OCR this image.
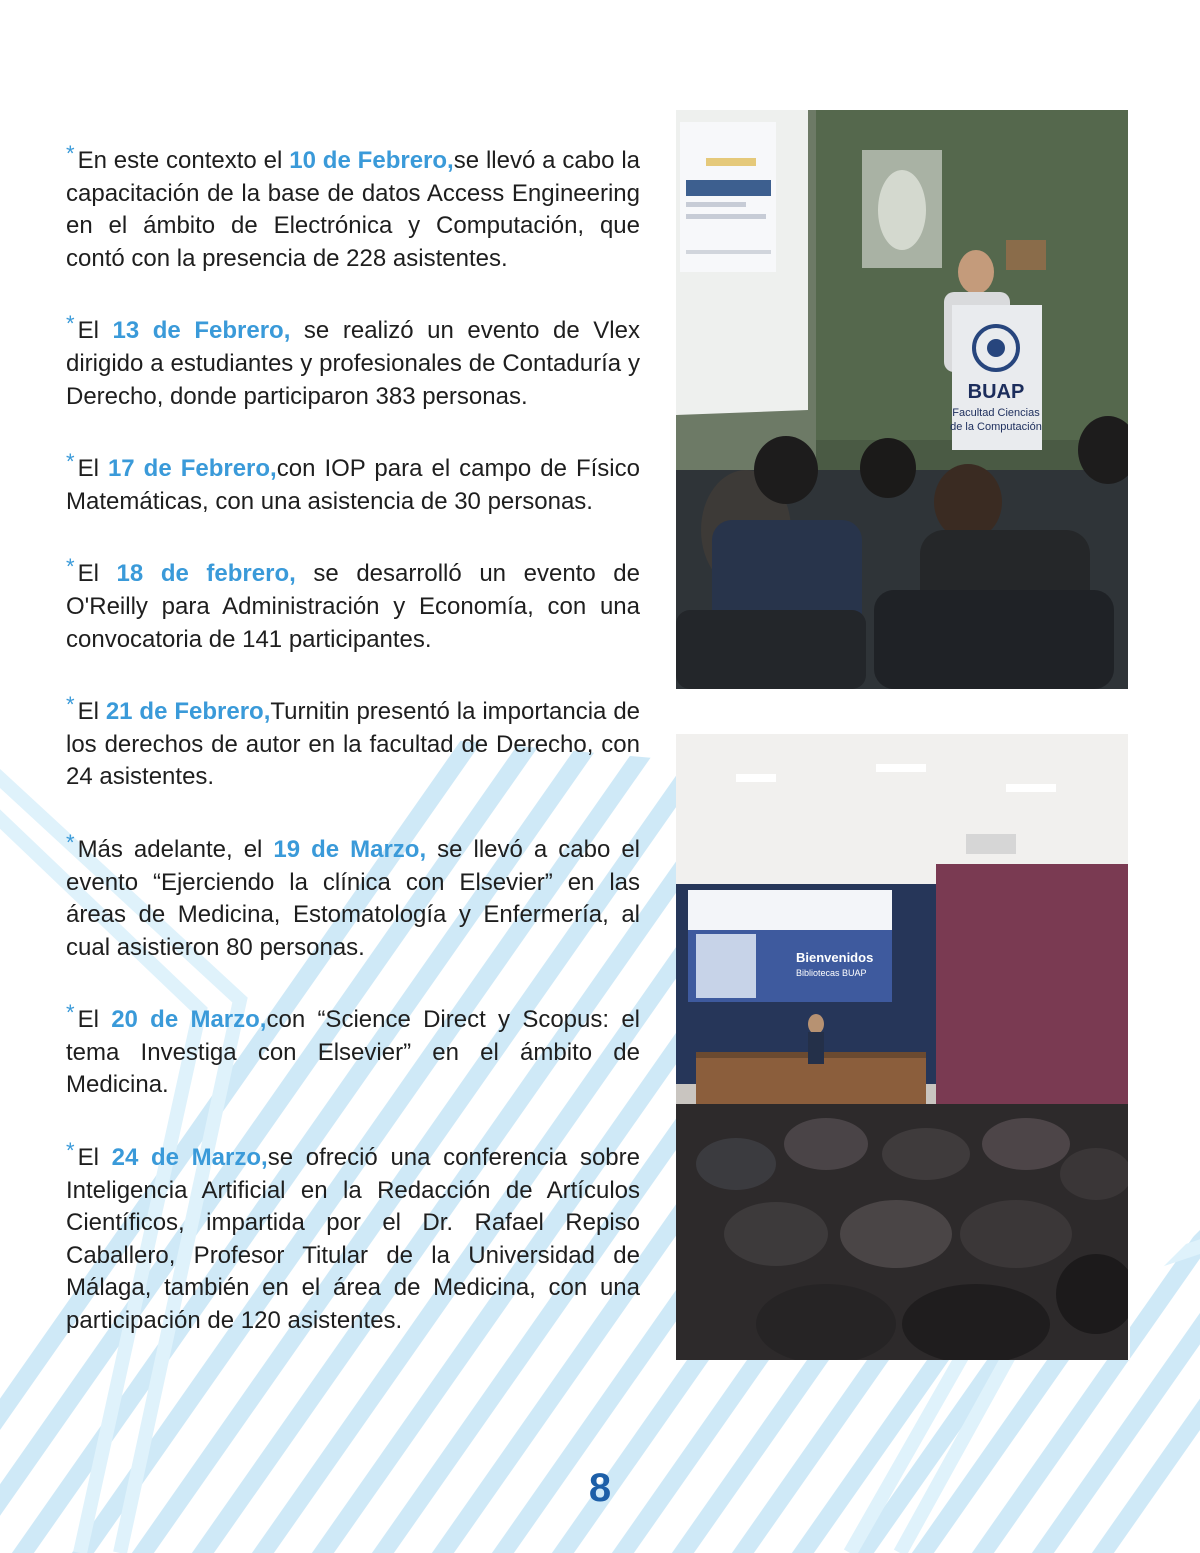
* En este contexto el 10 de Febrero,se llevó a cabo la capacitación de la base de datos Access Engineering en el ámbito de Electrónica y Computación, que contó con la presencia de 228 asistentes.

* El 13 de Febrero, se realizó un evento de Vlex dirigido a estudiantes y profesionales de Contaduría y Derecho, donde participaron 383 personas.

* El 17 de Febrero,con IOP para el campo de Físico Matemáticas, con una asistencia de 30 personas.

* El 18 de febrero, se desarrolló un evento de O'Reilly para Administración y Economía, con una convocatoria de 141 participantes.

* El 21 de Febrero,Turnitin presentó la importancia de los derechos de autor en la facultad de Derecho, con 24 asistentes.

* Más adelante, el 19 de Marzo, se llevó a cabo el evento “Ejerciendo la clínica con Elsevier” en las áreas de Medicina, Estomatología y Enfermería, al cual asistieron 80 personas.

* El 20 de Marzo,con “Science Direct y Scopus: el tema Investiga con Elsevier” en el ámbito de Medicina.

* El 24 de Marzo,se ofreció una conferencia sobre Inteligencia Artificial en la Redacción de Artículos Científicos, impartida por el Dr. Rafael Repiso Caballero, Profesor Titular de la Universidad de Málaga, también en el área de Medicina, con una participación de 120 asistentes.

BUAP
Facultad Ciencias
de la Computación
Bienvenidos
Bibliotecas BUAP
8
